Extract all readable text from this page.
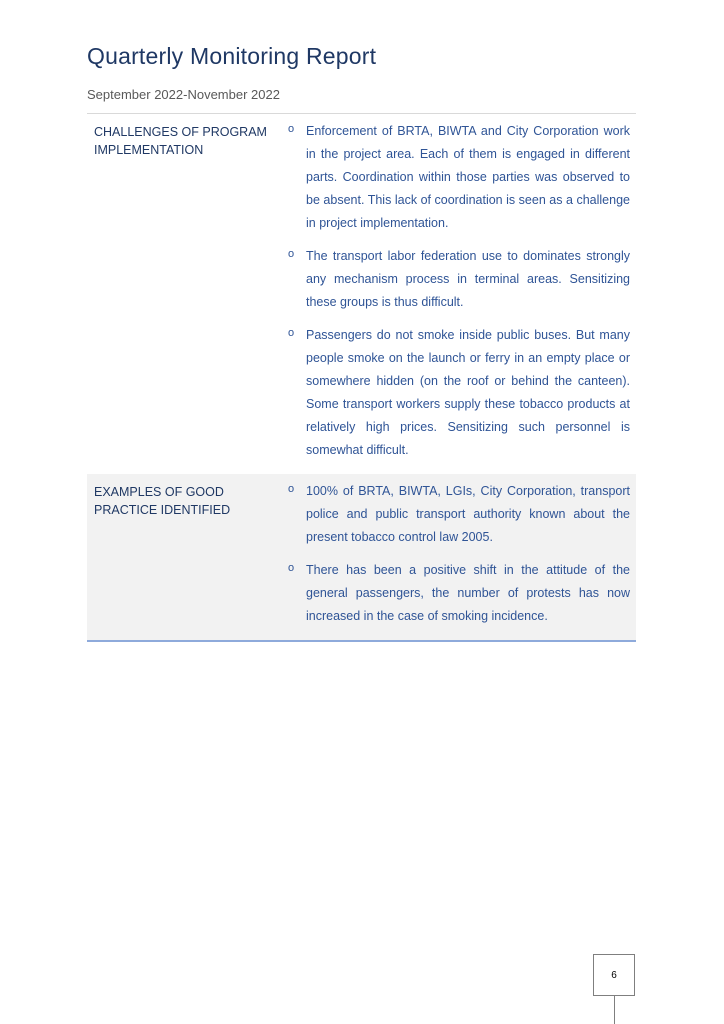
Quarterly Monitoring Report
September 2022-November 2022
CHALLENGES OF PROGRAM IMPLEMENTATION
o Enforcement of BRTA, BIWTA and City Corporation work in the project area. Each of them is engaged in different parts. Coordination within those parties was observed to be absent. This lack of coordination is seen as a challenge in project implementation.
o The transport labor federation use to dominates strongly any mechanism process in terminal areas. Sensitizing these groups is thus difficult.
o Passengers do not smoke inside public buses. But many people smoke on the launch or ferry in an empty place or somewhere hidden (on the roof or behind the canteen). Some transport workers supply these tobacco products at relatively high prices. Sensitizing such personnel is somewhat difficult.
EXAMPLES OF GOOD PRACTICE IDENTIFIED
o 100% of BRTA, BIWTA, LGIs, City Corporation, transport police and public transport authority known about the present tobacco control law 2005.
o There has been a positive shift in the attitude of the general passengers, the number of protests has now increased in the case of smoking incidence.
6
